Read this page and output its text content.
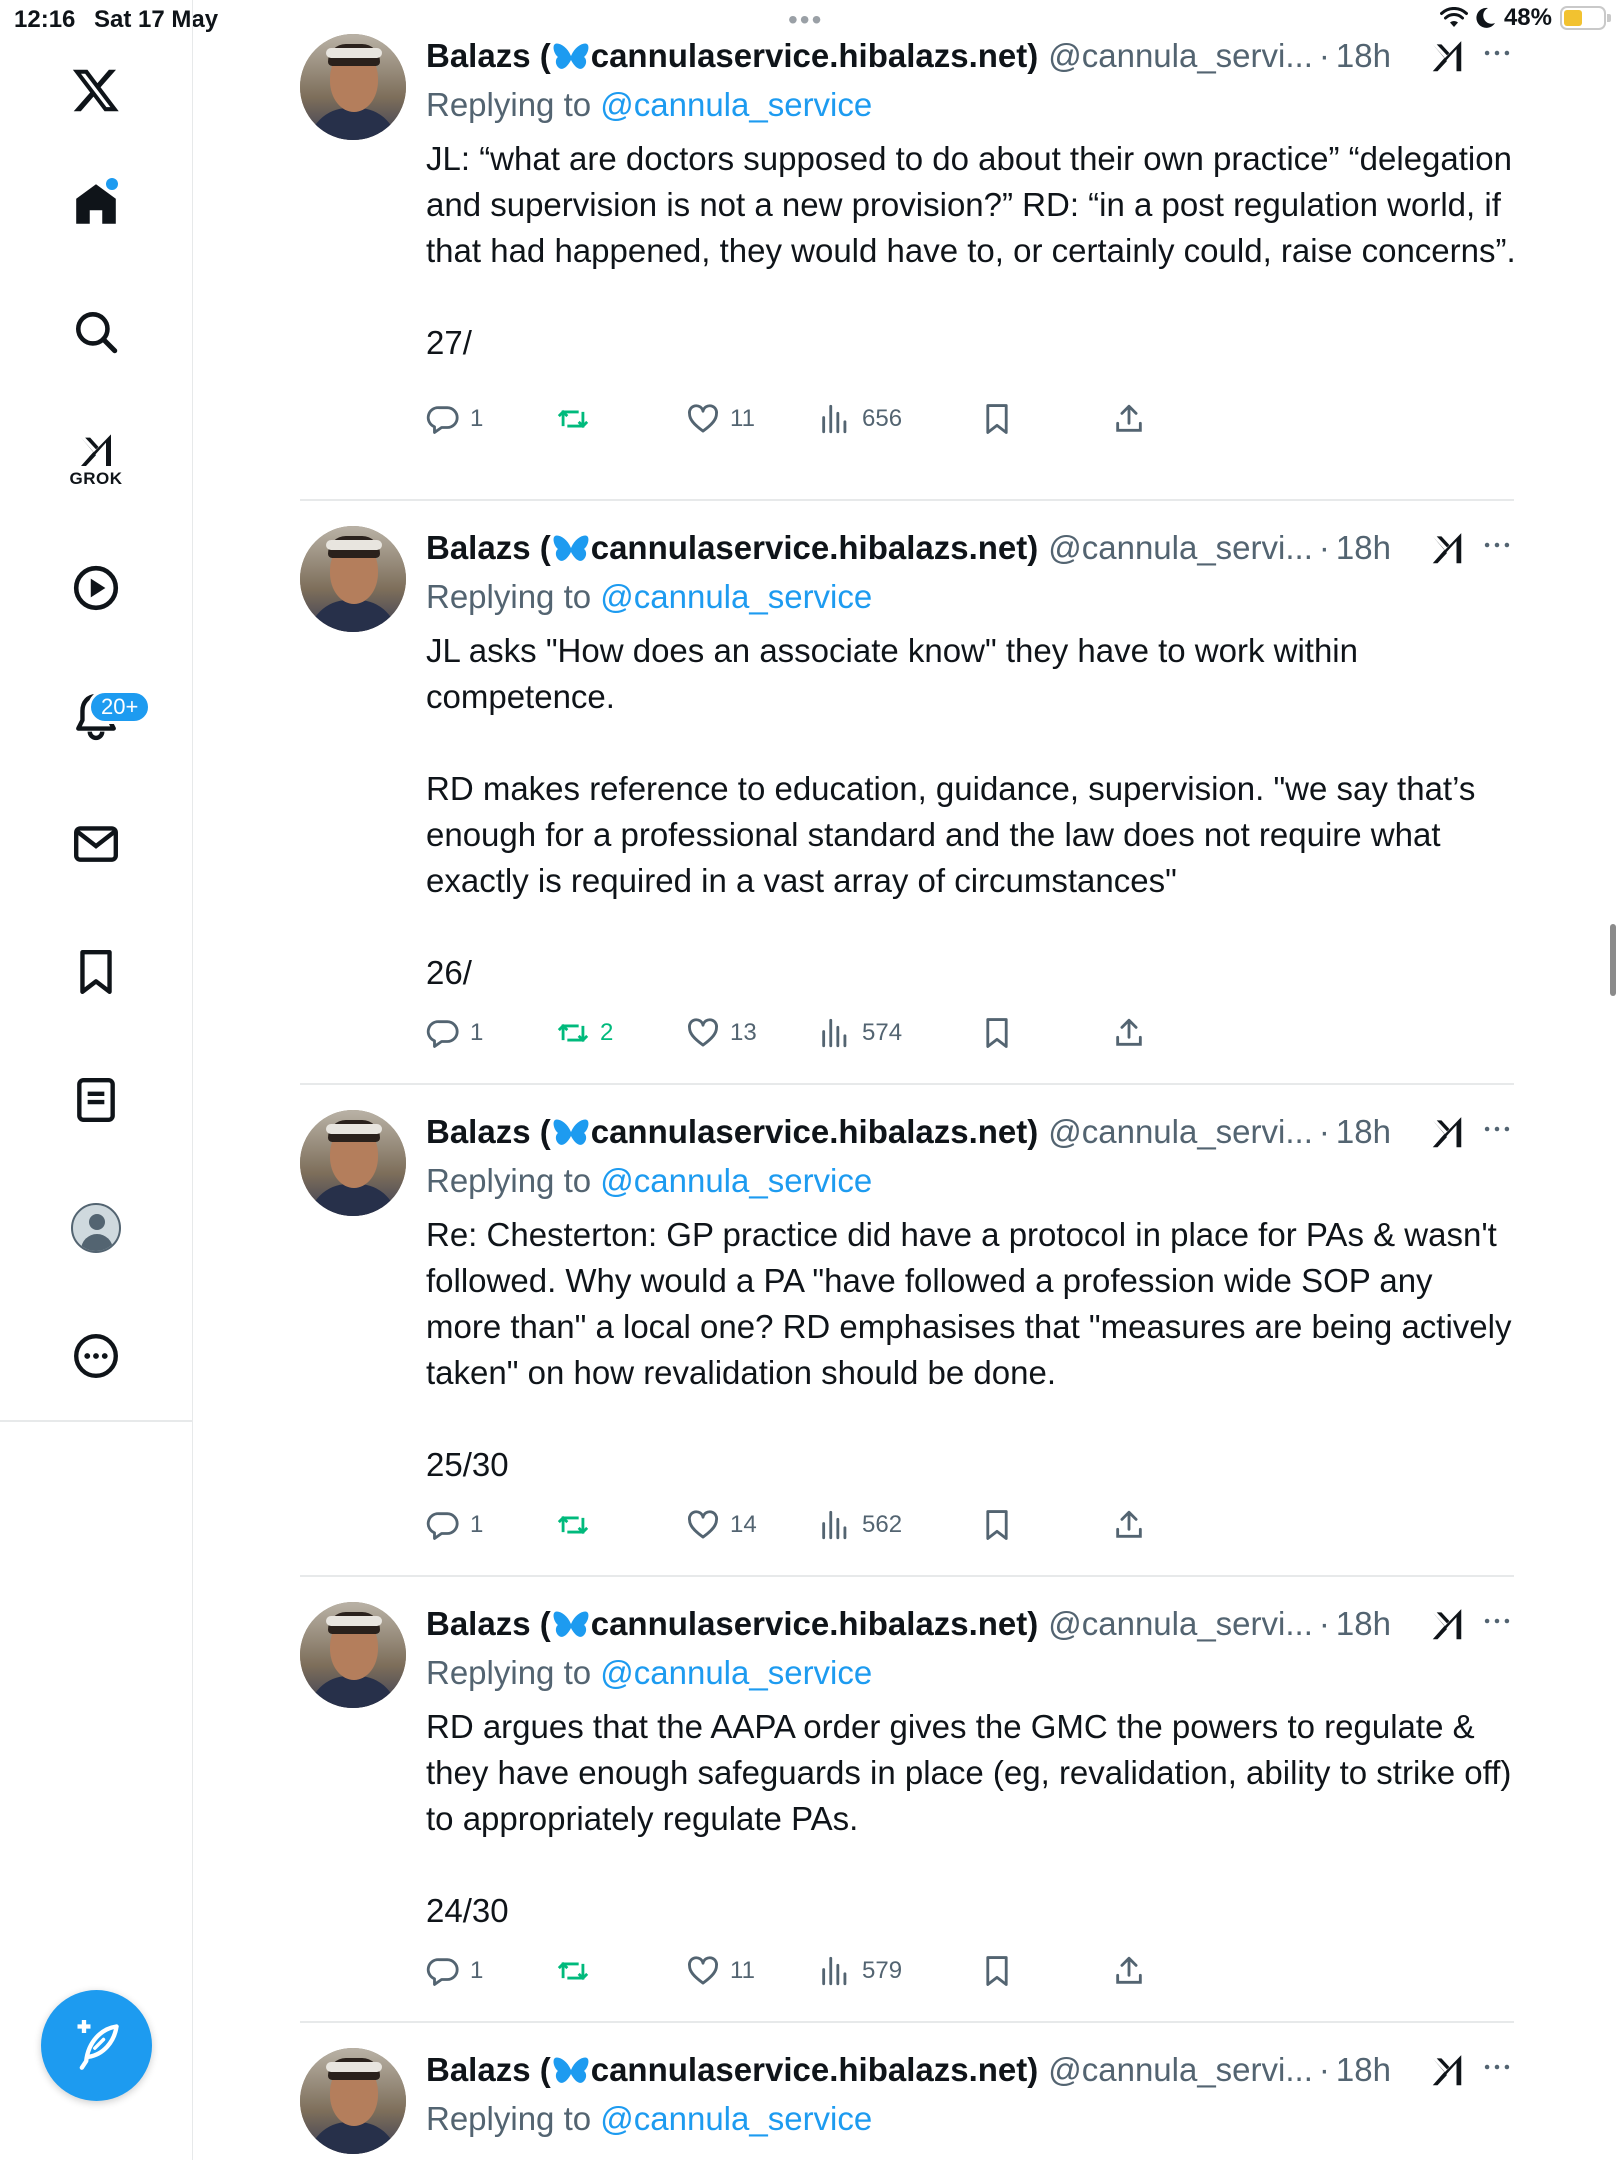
12:16 Sat 17 May	•••	48%
GROK
20+
Balazs ( cannulaservice.hibalazs.net) @cannula_servi... · 18h
Replying to @cannula_service
JL: “what are doctors supposed to do about their own practice” “delegation and supervision is not a new provision?” RD: “in a post regulation world, if that had happened, they would have to, or certainly could, raise concerns”.

27/
1	11	656
Balazs ( cannulaservice.hibalazs.net) @cannula_servi... · 18h
Replying to @cannula_service
JL asks "How does an associate know" they have to work within competence.

RD makes reference to education, guidance, supervision. "we say that’s enough for a professional standard and the law does not require what exactly is required in a vast array of circumstances"

26/
1	2	13	574
Balazs ( cannulaservice.hibalazs.net) @cannula_servi... · 18h
Replying to @cannula_service
Re: Chesterton: GP practice did have a protocol in place for PAs & wasn't followed. Why would a PA "have followed a profession wide SOP any more than" a local one? RD emphasises that "measures are being actively taken" on how revalidation should be done.

25/30
1	14	562
Balazs ( cannulaservice.hibalazs.net) @cannula_servi... · 18h
Replying to @cannula_service
RD argues that the AAPA order gives the GMC the powers to regulate & they have enough safeguards in place (eg, revalidation, ability to strike off) to appropriately regulate PAs.

24/30
1	11	579
Balazs ( cannulaservice.hibalazs.net) @cannula_servi... · 18h
Replying to @cannula_service
